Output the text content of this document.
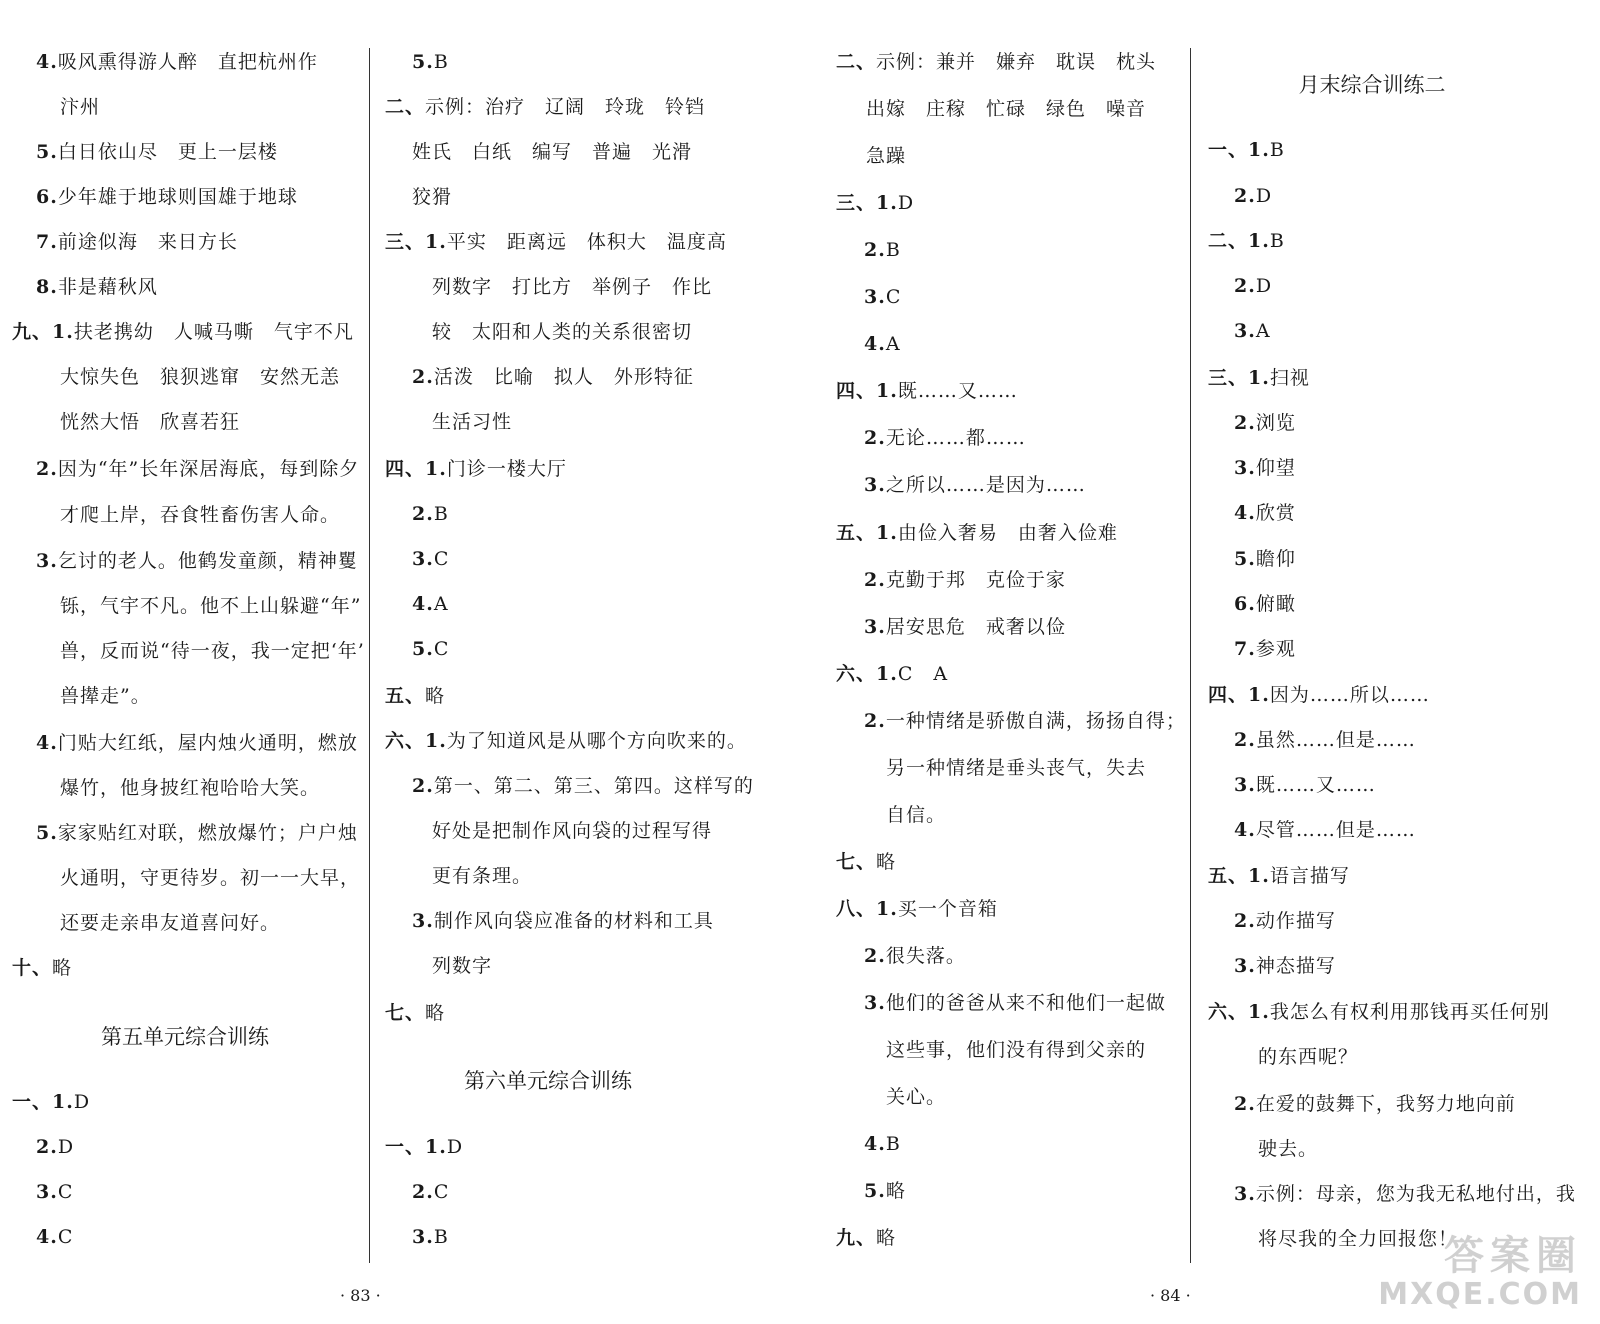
第五单元综合训练
4.吸风熏得游人醉　直把杭州作
汴州
5.白日依山尽　更上一层楼
6.少年雄于地球则国雄于地球
7.前途似海　来日方长
8.非是藉秋风
九、1.扶老携幼　人喊马嘶　气宇不凡
大惊失色　狼狈逃窜　安然无恙
恍然大悟　欣喜若狂
2.因为“年”长年深居海底，每到除夕
才爬上岸，吞食牲畜伤害人命。
3.乞讨的老人。他鹤发童颜，精神矍
铄，气宇不凡。他不上山躲避“年”
兽，反而说“待一夜，我一定把‘年’
兽撵走”。
4.门贴大红纸，屋内烛火通明，燃放
爆竹，他身披红袍哈哈大笑。
5.家家贴红对联，燃放爆竹；户户烛
火通明，守更待岁。初一一大早，
还要走亲串友道喜问好。
十、略
一、1.D
2.D
3.C
4.C
第六单元综合训练
5.B
二、示例：治疗　辽阔　玲珑　铃铛
姓氏　白纸　编写　普遍　光滑
狡猾
三、1.平实　距离远　体积大　温度高
列数字　打比方　举例子　作比
较　太阳和人类的关系很密切
2.活泼　比喻　拟人　外形特征
生活习性
四、1.门诊一楼大厅
2.B
3.C
4.A
5.C
五、略
六、1.为了知道风是从哪个方向吹来的。
2.第一、第二、第三、第四。这样写的
好处是把制作风向袋的过程写得
更有条理。
3.制作风向袋应准备的材料和工具
列数字
七、略
一、1.D
2.C
3.B
二、示例：兼并　嫌弃　耽误　枕头
出嫁　庄稼　忙碌　绿色　噪音
急躁
三、1.D
2.B
3.C
4.A
四、1.既……又……
2.无论……都……
3.之所以……是因为……
五、1.由俭入奢易　由奢入俭难
2.克勤于邦　克俭于家
3.居安思危　戒奢以俭
六、1.C　A
2.一种情绪是骄傲自满，扬扬自得；
另一种情绪是垂头丧气，失去
自信。
七、略
八、1.买一个音箱
2.很失落。
3.他们的爸爸从来不和他们一起做
这些事，他们没有得到父亲的
关心。
4.B
5.略
九、略
月末综合训练二
一、1.B
2.D
二、1.B
2.D
3.A
三、1.扫视
2.浏览
3.仰望
4.欣赏
5.瞻仰
6.俯瞰
7.参观
四、1.因为……所以……
2.虽然……但是……
3.既……又……
4.尽管……但是……
五、1.语言描写
2.动作描写
3.神态描写
六、1.我怎么有权利用那钱再买任何别
的东西呢？
2.在爱的鼓舞下，我努力地向前
驶去。
3.示例：母亲，您为我无私地付出，我
将尽我的全力回报您！
· 83 ·	· 84 ·
答案圈
MXQE.COM
